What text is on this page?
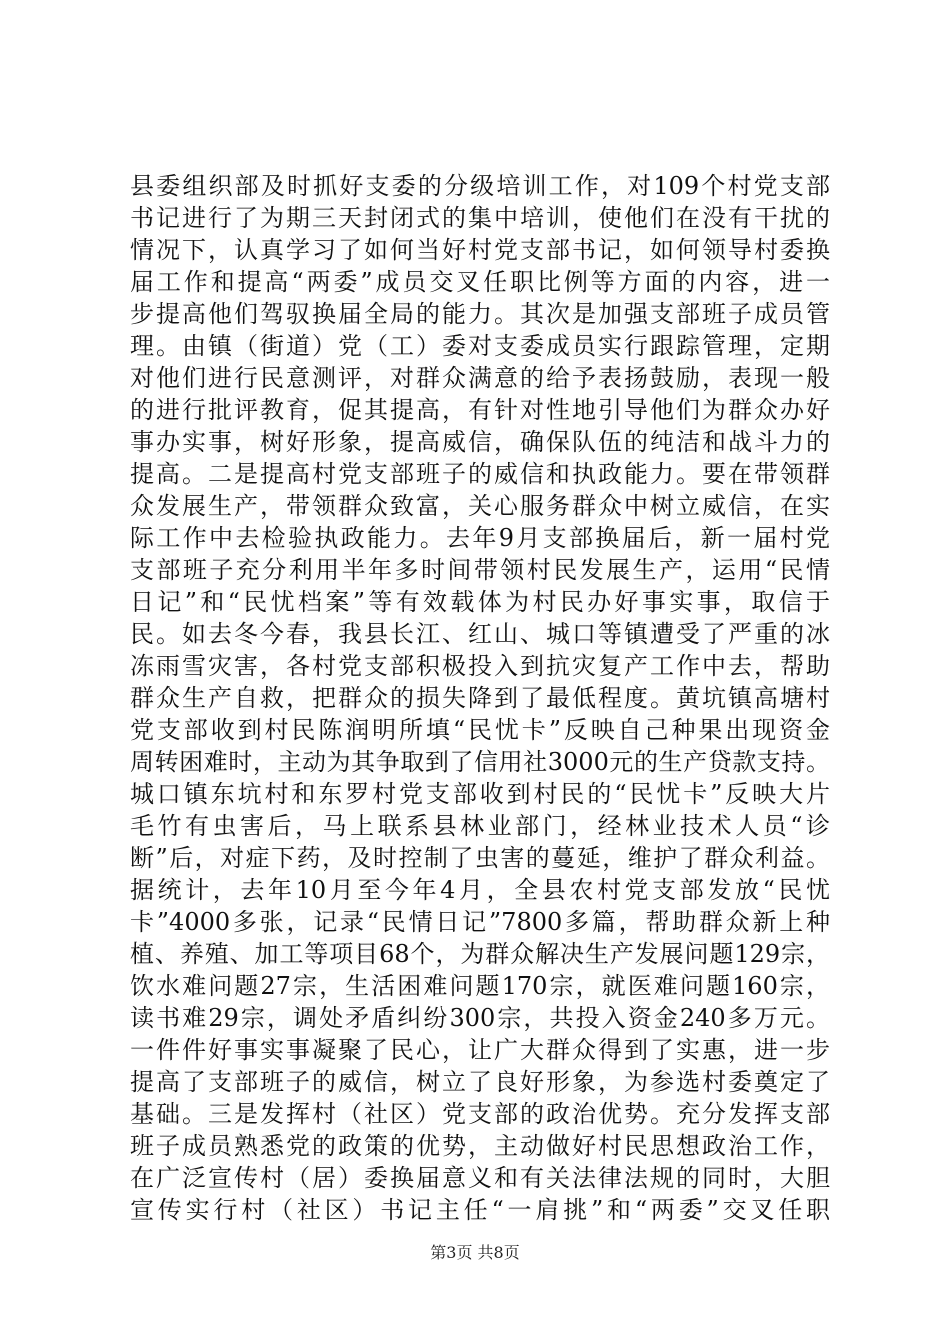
县委组织部及时抓好支委的分级培训工作，对109个村党支部
书记进行了为期三天封闭式的集中培训，使他们在没有干扰的
情况下，认真学习了如何当好村党支部书记，如何领导村委换
届工作和提高“两委”成员交叉任职比例等方面的内容，进一
步提高他们驾驭换届全局的能力。其次是加强支部班子成员管
理。由镇（街道）党（工）委对支委成员实行跟踪管理，定期
对他们进行民意测评，对群众满意的给予表扬鼓励，表现一般
的进行批评教育，促其提高，有针对性地引导他们为群众办好
事办实事，树好形象，提高威信，确保队伍的纯洁和战斗力的
提高。二是提高村党支部班子的威信和执政能力。要在带领群
众发展生产，带领群众致富，关心服务群众中树立威信，在实
际工作中去检验执政能力。去年9月支部换届后，新一届村党
支部班子充分利用半年多时间带领村民发展生产，运用“民情
日记”和“民忧档案”等有效载体为村民办好事实事，取信于
民。如去冬今春，我县长江、红山、城口等镇遭受了严重的冰
冻雨雪灾害，各村党支部积极投入到抗灾复产工作中去，帮助
群众生产自救，把群众的损失降到了最低程度。黄坑镇高塘村
党支部收到村民陈润明所填“民忧卡”反映自己种果出现资金
周转困难时，主动为其争取到了信用社3000元的生产贷款支持。
城口镇东坑村和东罗村党支部收到村民的“民忧卡”反映大片
毛竹有虫害后，马上联系县林业部门，经林业技术人员“诊
断”后，对症下药，及时控制了虫害的蔓延，维护了群众利益。
据统计，去年10月至今年4月，全县农村党支部发放“民忧
卡”4000多张，记录“民情日记”7800多篇，帮助群众新上种
植、养殖、加工等项目68个，为群众解决生产发展问题129宗，
饮水难问题27宗，生活困难问题170宗，就医难问题160宗，
读书难29宗，调处矛盾纠纷300宗，共投入资金240多万元。
一件件好事实事凝聚了民心，让广大群众得到了实惠，进一步
提高了支部班子的威信，树立了良好形象，为参选村委奠定了
基础。三是发挥村（社区）党支部的政治优势。充分发挥支部
班子成员熟悉党的政策的优势，主动做好村民思想政治工作，
在广泛宣传村（居）委换届意义和有关法律法规的同时，大胆
宣传实行村（社区）书记主任“一肩挑”和“两委”交叉任职
第3页 共8页
